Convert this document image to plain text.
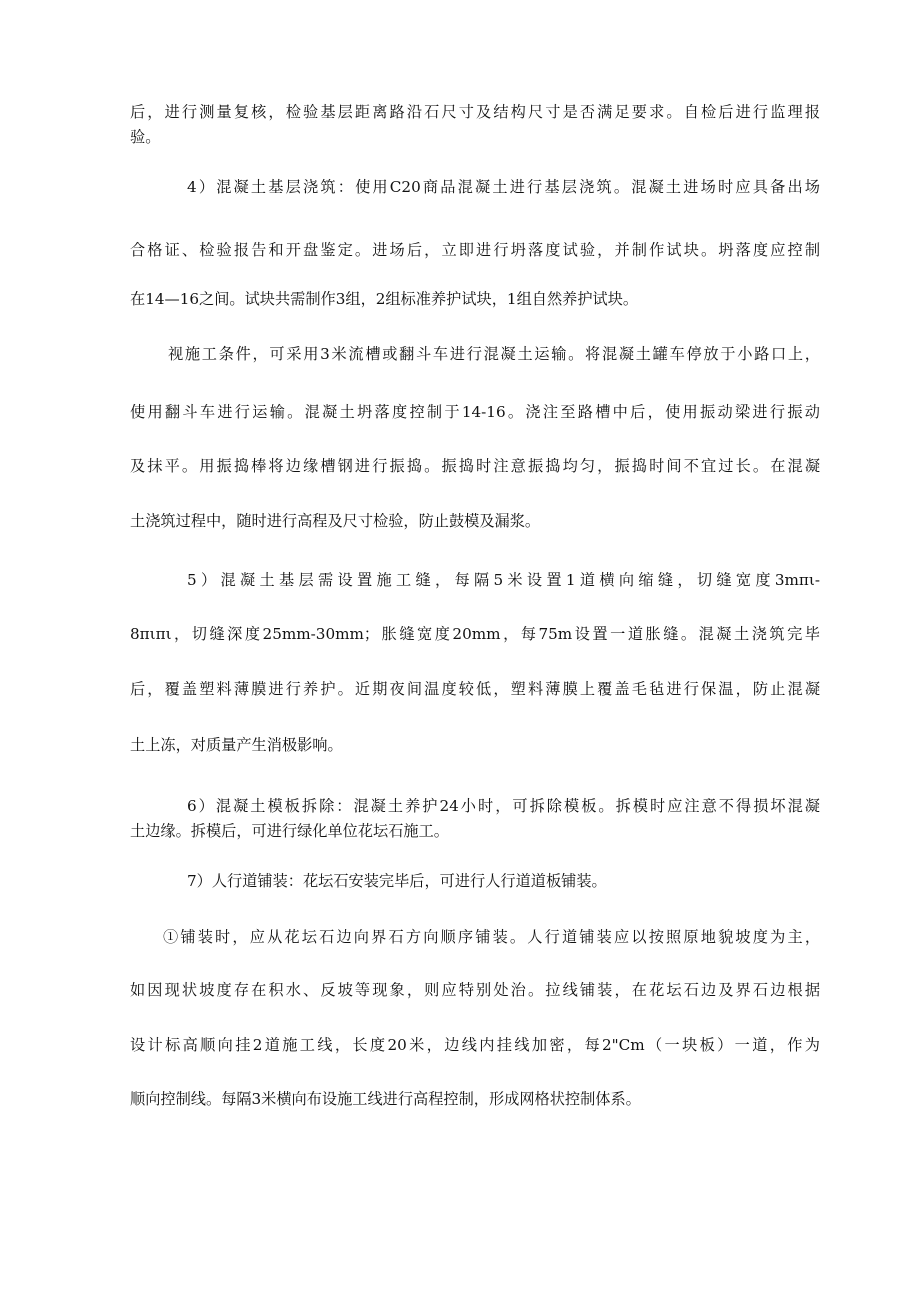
后，进行测量复核，检验基层距离路沿石尺寸及结构尺寸是否满足要求。自检后进行监理报
验。
4）混凝土基层浇筑：使用C20商品混凝土进行基层浇筑。混凝土进场时应具备出场
合格证、检验报告和开盘鉴定。进场后，立即进行坍落度试验，并制作试块。坍落度应控制
在14—16之间。试块共需制作3组，2组标准养护试块，1组自然养护试块。
视施工条件，可采用3米流槽或翻斗车进行混凝土运输。将混凝土罐车停放于小路口上，
使用翻斗车进行运输。混凝土坍落度控制于14-16。浇注至路槽中后，使用振动梁进行振动
及抹平。用振捣棒将边缘槽钢进行振捣。振捣时注意振捣均匀，振捣时间不宜过长。在混凝
土浇筑过程中，随时进行高程及尺寸检验，防止鼓模及漏浆。
5）混凝土基层需设置施工缝，每隔5米设置1道横向缩缝，切缝宽度3mπι-
8πιπι，切缝深度25mm-30mm；胀缝宽度20mm，每75m设置一道胀缝。混凝土浇筑完毕
后，覆盖塑料薄膜进行养护。近期夜间温度较低，塑料薄膜上覆盖毛毡进行保温，防止混凝
土上冻，对质量产生消极影响。
6）混凝土模板拆除：混凝土养护24小时，可拆除模板。拆模时应注意不得损坏混凝
土边缘。拆模后，可进行绿化单位花坛石施工。
7）人行道铺装：花坛石安装完毕后，可进行人行道道板铺装。
①铺装时，应从花坛石边向界石方向顺序铺装。人行道铺装应以按照原地貌坡度为主，
如因现状坡度存在积水、反坡等现象，则应特别处治。拉线铺装，在花坛石边及界石边根据
设计标高顺向挂2道施工线，长度20米，边线内挂线加密，每2"Cm（一块板）一道，作为
顺向控制线。每隔3米横向布设施工线进行高程控制，形成网格状控制体系。
